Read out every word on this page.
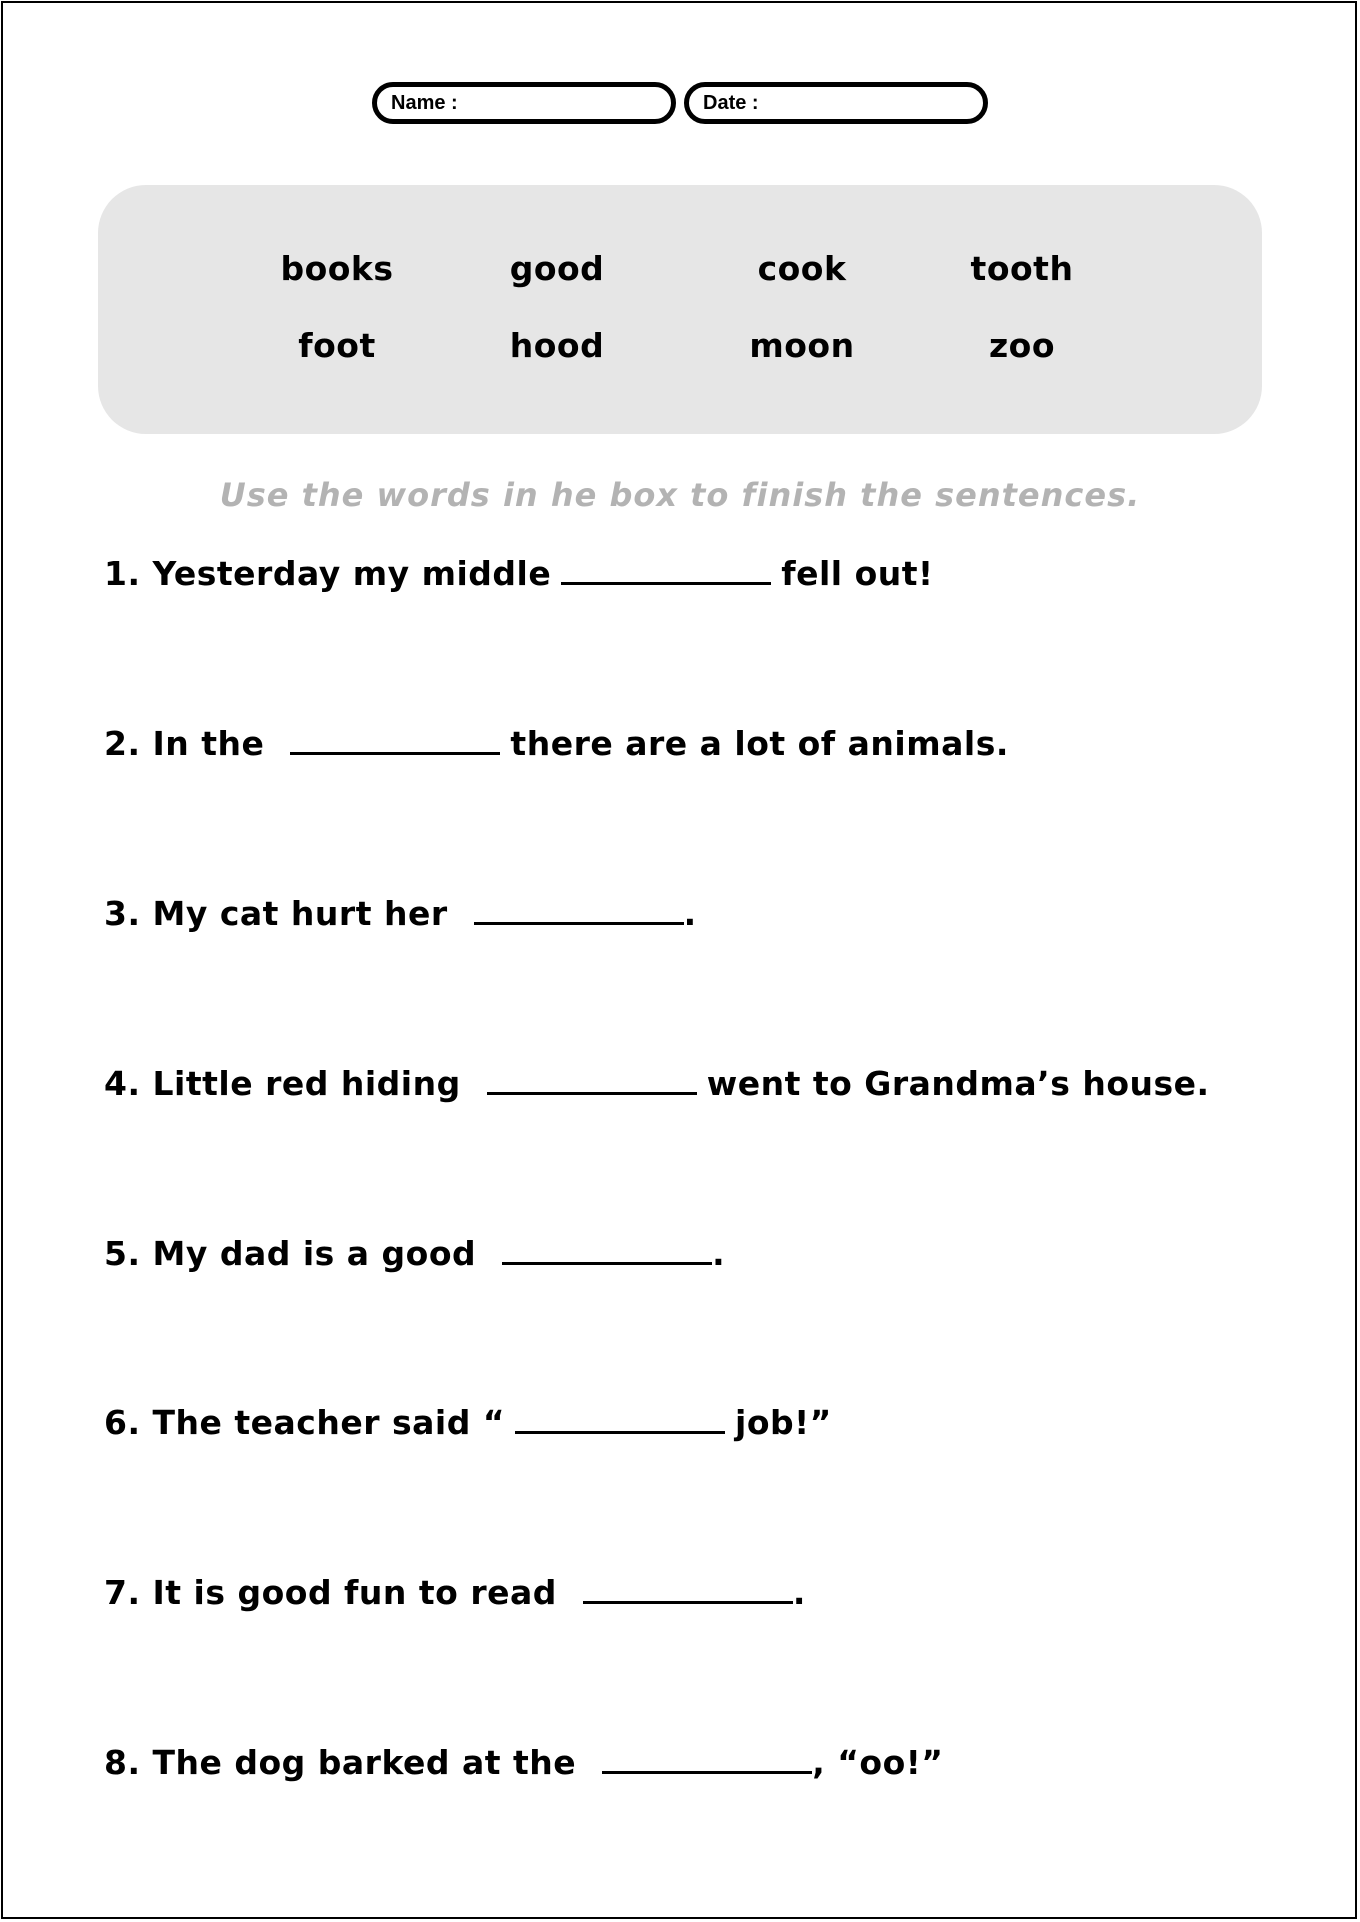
Name :	Date :
books	good	cook	tooth
foot	hood	moon	zoo
Use the words in he box to finish the sentences.
1. Yesterday my middle	fell out!
2. In the	there are a lot of animals.
3. My cat hurt her	.
4. Little red hiding	went to Grandma’s house.
5. My dad is a good	.
6. The teacher said “	job!”
7. It is good fun to read	.
8. The dog barked at the	, “oo!”
